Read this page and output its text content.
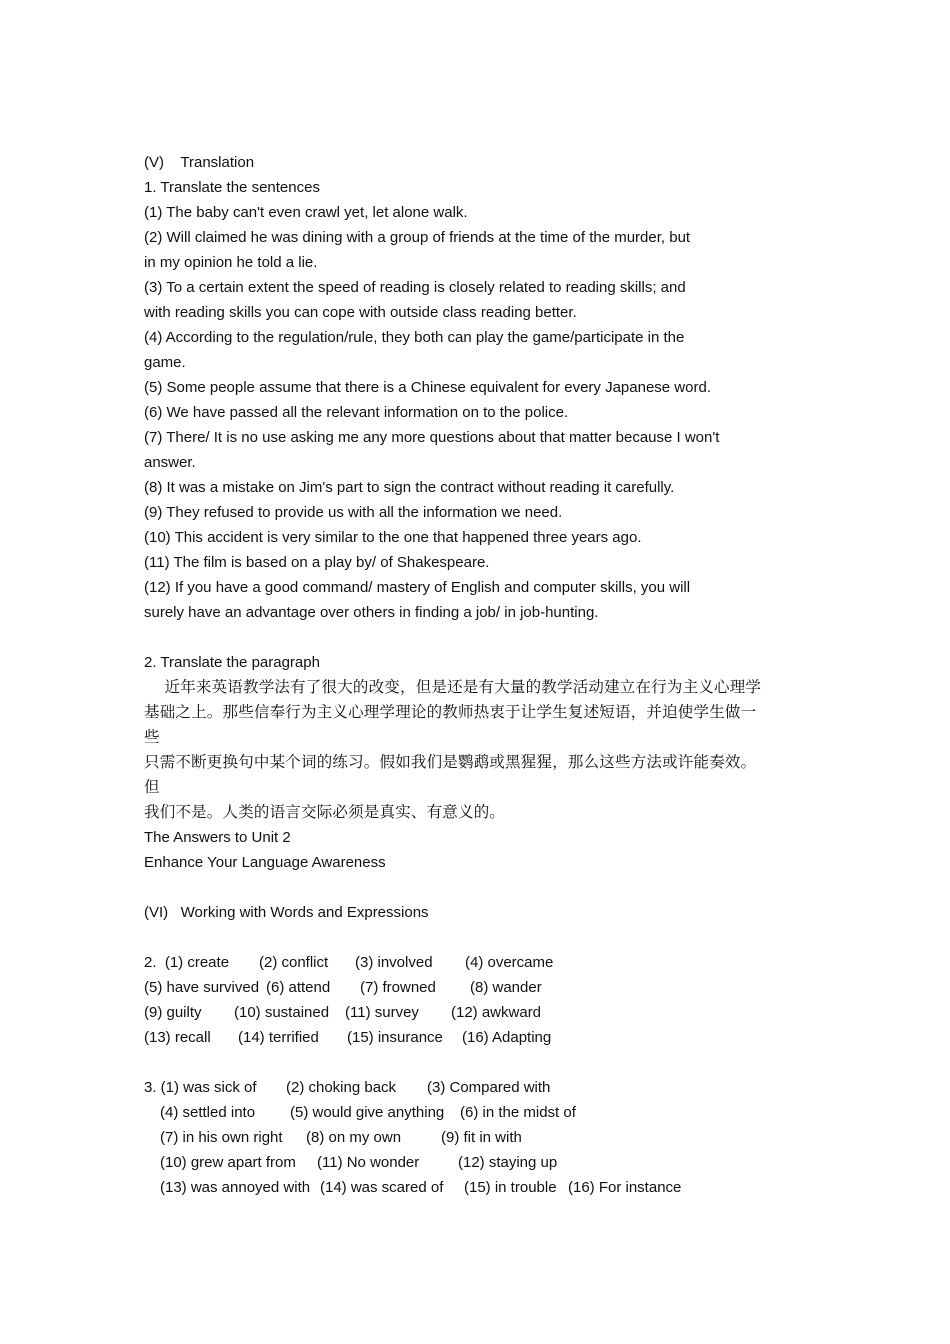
(V)    Translation
1. Translate the sentences
(1) The baby can't even crawl yet, let alone walk.
(2) Will claimed he was dining with a group of friends at the time of the murder, but
in my opinion he told a lie.
(3) To a certain extent the speed of reading is closely related to reading skills; and
with reading skills you can cope with outside class reading better.
(4) According to the regulation/rule, they both can play the game/participate in the
game.
(5) Some people assume that there is a Chinese equivalent for every Japanese word.
(6) We have passed all the relevant information on to the police.
(7) There/ It is no use asking me any more questions about that matter because I won't
answer.
(8) It was a mistake on Jim's part to sign the contract without reading it carefully.
(9) They refused to provide us with all the information we need.
(10) This accident is very similar to the one that happened three years ago.
(11) The film is based on a play by/ of Shakespeare.
(12) If you have a good command/ mastery of English and computer skills, you will
surely have an advantage over others in finding a job/ in job-hunting.
2. Translate the paragraph
近年来英语教学法有了很大的改变，但是还是有大量的教学活动建立在行为主义心理学
基础之上。那些信奉行为主义心理学理论的教师热衷于让学生复述短语，并迫使学生做一
些
只需不断更换句中某个词的练习。假如我们是鹦鹉或黑猩猩，那么这些方法或许能奏效。
但
我们不是。人类的语言交际必须是真实、有意义的。
The Answers to Unit 2
Enhance Your Language Awareness
(VI)   Working with Words and Expressions
2.  (1) create	(2) conflict	(3) involved	(4) overcame
(5) have survived (6) attend	(7) frowned	(8) wander
(9) guilty	(10) sustained	(11) survey	(12) awkward
(13) recall	(14) terrified	(15) insurance	(16) Adapting
3. (1) was sick of	(2) choking back	(3) Compared with
(4) settled into	(5) would give anything	(6) in the midst of
(7) in his own right	(8) on my own	(9) fit in with
(10) grew apart from	(11) No wonder	(12) staying up
(13) was annoyed with (14) was scared of	(15) in trouble (16) For instance
